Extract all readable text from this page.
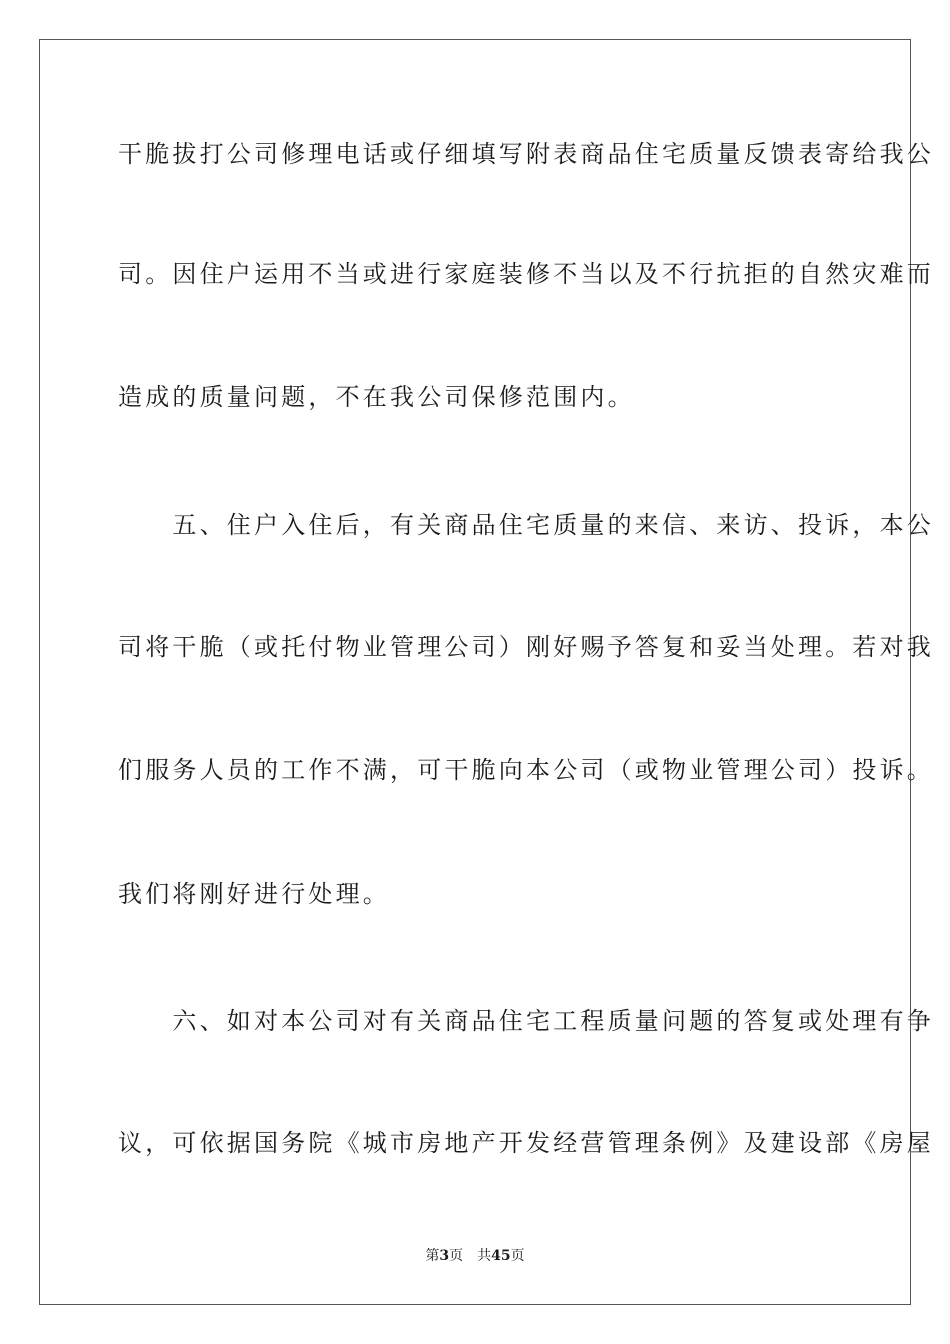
干脆拔打公司修理电话或仔细填写附表商品住宅质量反馈表寄给我公
司。因住户运用不当或进行家庭装修不当以及不行抗拒的自然灾难而
造成的质量问题，不在我公司保修范围内。
　　五、住户入住后，有关商品住宅质量的来信、来访、投诉，本公
司将干脆（或托付物业管理公司）刚好赐予答复和妥当处理。若对我
们服务人员的工作不满，可干脆向本公司（或物业管理公司）投诉。
我们将刚好进行处理。
　　六、如对本公司对有关商品住宅工程质量问题的答复或处理有争
议，可依据国务院《城市房地产开发经营管理条例》及建设部《房屋
第3页 共45页
